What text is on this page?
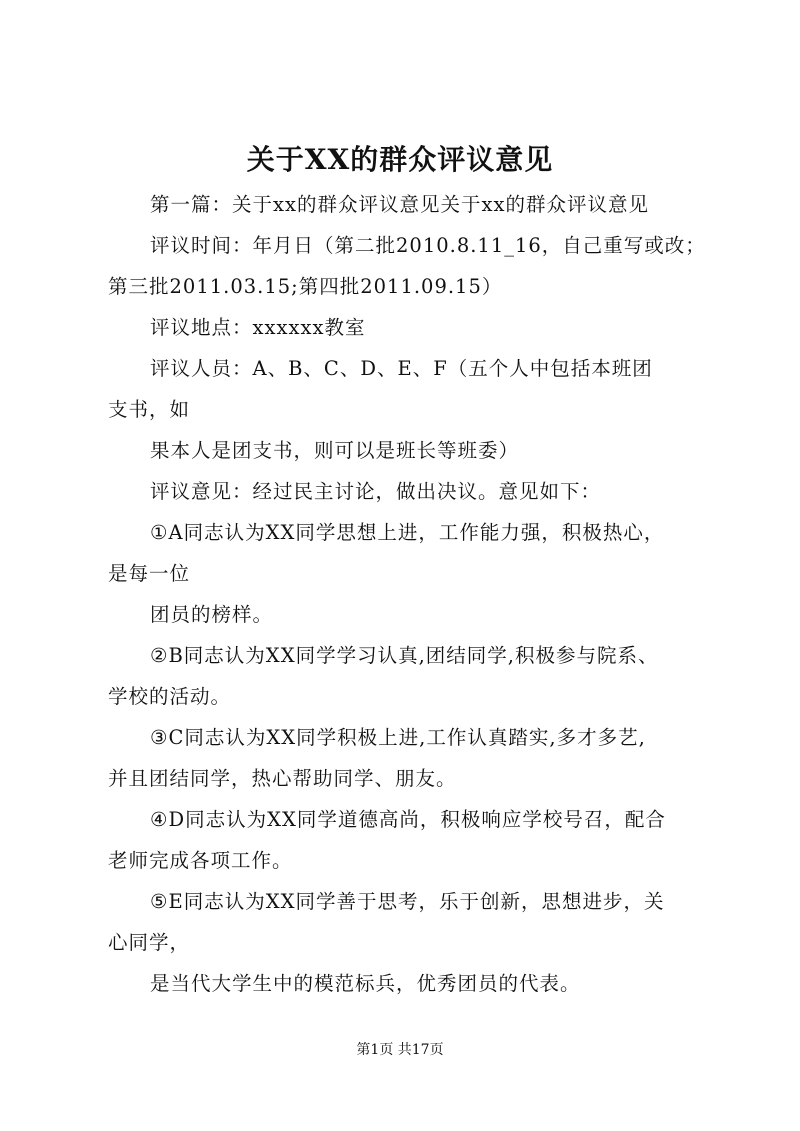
关于XX的群众评议意见
第一篇：关于xx的群众评议意见关于xx的群众评议意见
评议时间：年月日（第二批2010.8.11_16，自己重写或改；
第三批2011.03.15;第四批2011.09.15）
评议地点：xxxxxx教室
评议人员：A、B、C、D、E、F（五个人中包括本班团
支书，如
果本人是团支书，则可以是班长等班委）
评议意见：经过民主讨论，做出决议。意见如下：
①A同志认为XX同学思想上进，工作能力强，积极热心，
是每一位
团员的榜样。
②B同志认为XX同学学习认真,团结同学,积极参与院系、
学校的活动。
③C同志认为XX同学积极上进,工作认真踏实,多才多艺,
并且团结同学，热心帮助同学、朋友。
④D同志认为XX同学道德高尚，积极响应学校号召，配合
老师完成各项工作。
⑤E同志认为XX同学善于思考，乐于创新，思想进步，关
心同学，
是当代大学生中的模范标兵，优秀团员的代表。
第1页 共17页
